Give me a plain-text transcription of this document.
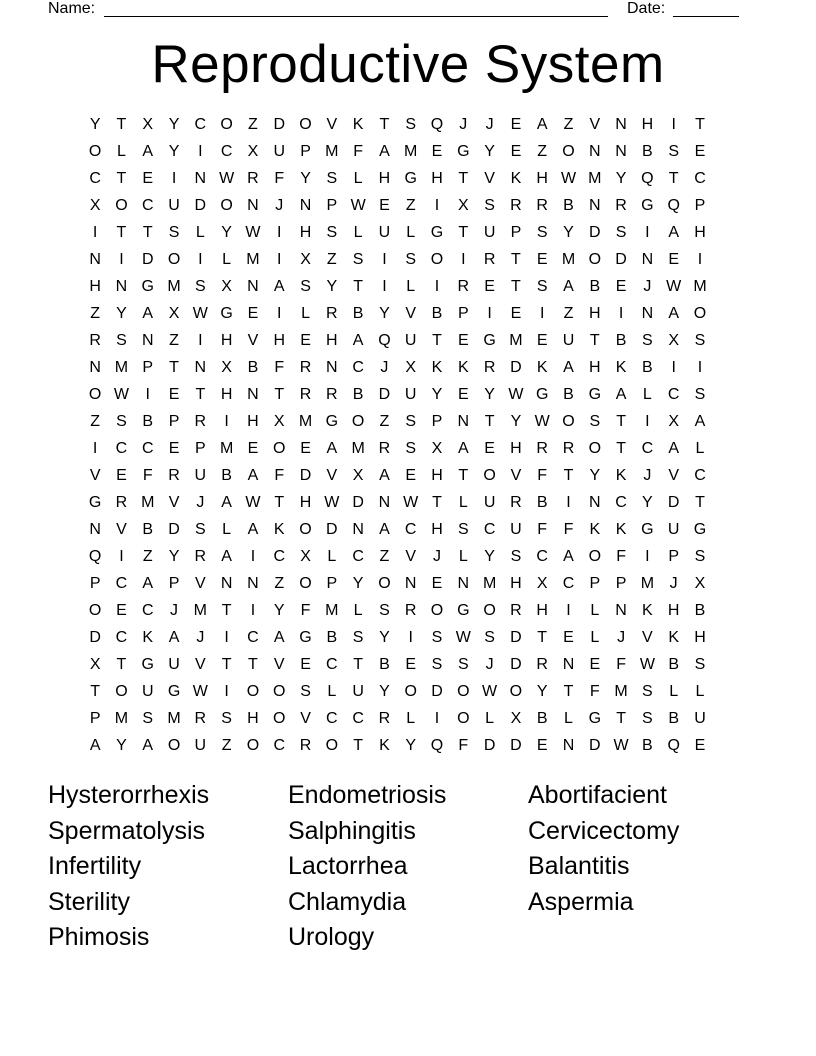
Name:	Date:
Reproductive System
Y	T	X Y C O Z D O V K	T	S Q	J	J	E A	Z	V N H	I	T
O L	A Y	I	C X U P M F	A M E G Y E	Z O N N B S E
C T	E	I	N W R F	Y S	L	H G H T	V K H W M Y Q T C
X O C U D O N	J	N P W E	Z	I	X S R R B N R G Q P
I	T	T	S	L	Y W	I	H S	L	U	L G T U P S Y D S	I	A H
N	I	D O	I	L M	I	X	Z	S	I	S O	I	R T	E M O D N E	I
H N G M S X N A S Y	T	I	L	I	R E	T	S A B E	J W M
Z	Y A X W G E	I	L	R B Y V B P	I	E	I	Z H	I	N A O
R S N Z	I	H V H E H A Q U T	E G M E U T	B S X S
N M P	T N X B	F R N C	J	X K K R D K A H K B	I	I
O W	I	E	T H N T R R B D U Y E Y W G B G A	L	C S
Z	S B P R	I	H X M G O Z	S P N T	Y W O S	T	I	X A
I	C C E P M E O E A M R S X A E H R R O T C A	L
V E	F R U B A	F D V X A E H T O V	F	T	Y K	J	V C
G R M V	J	A W T H W D N W T	L	U R B	I	N C Y D T
N V B D S	L	A K O D N A C H S C U F	F	K K G U G
Q	I	Z	Y R A	I	C X	L	C Z	V	J	L	Y S C A O F	I	P S
P C A P V N N Z O P Y O N E N M H X C P P M J	X
O E C	J M T	I	Y	F M L	S R O G O R H	I	L	N K H B
D C K A	J	I	C A G B S Y	I	S W S D T	E	L	J	V K H
X	T G U V	T	T	V E C T	B E S S	J	D R N E	F W B S
T O U G W	I	O O S	L	U Y O D O W O Y	T	F M S	L	L
P M S M R S H O V C C R	L	I	O L	X B	L G T	S B U
A Y A O U Z O C R O T	K Y Q F D D E N D W B Q E
Hysterorrhexis	Endometriosis	Abortifacient
Spermatolysis	Salphingitis	Cervicectomy
Infertility	Lactorrhea	Balantitis
Sterility	Chlamydia	Aspermia
Phimosis	Urology
